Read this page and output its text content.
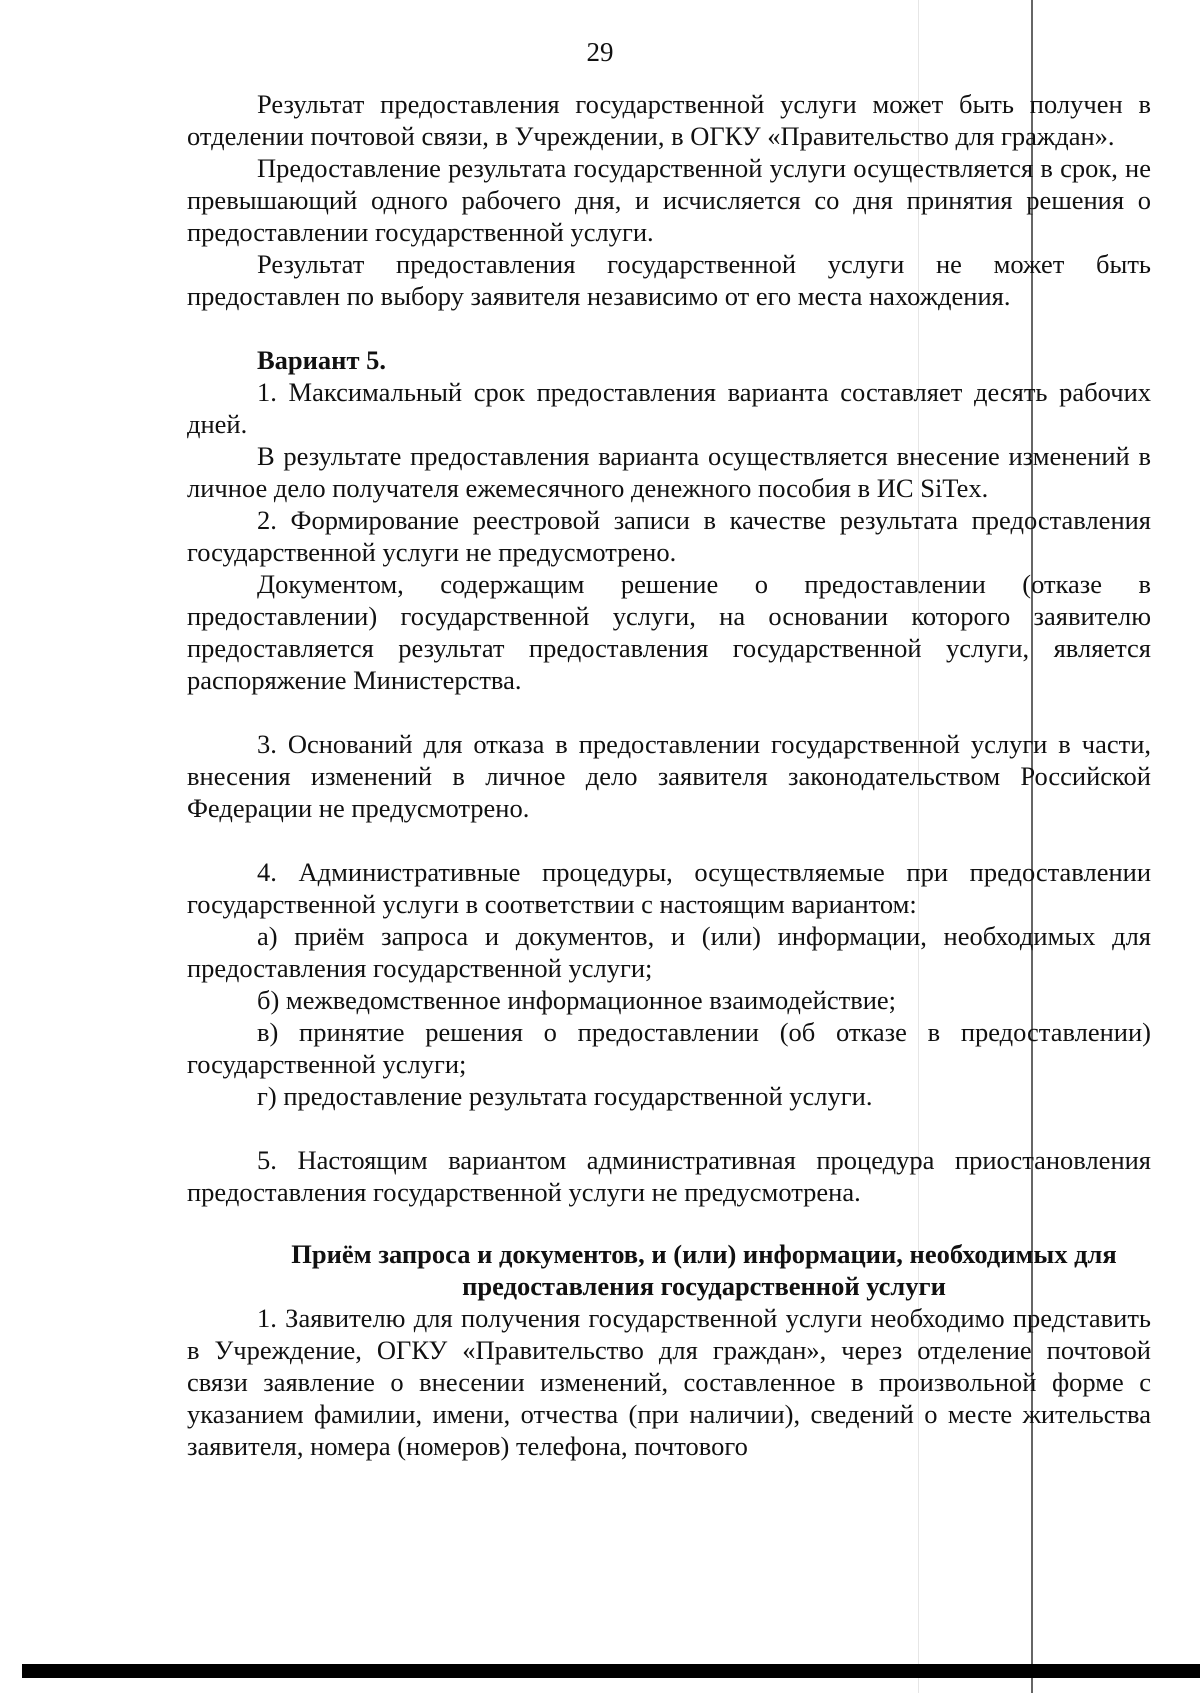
29

Результат предоставления государственной услуги может быть получен в отделении почтовой связи, в Учреждении, в ОГКУ «Правительство для граждан».

Предоставление результата государственной услуги осуществляется в срок, не превышающий одного рабочего дня, и исчисляется со дня принятия решения о предоставлении государственной услуги.

Результат предоставления государственной услуги не может быть предоставлен по выбору заявителя независимо от его места нахождения.

Вариант 5.

1. Максимальный срок предоставления варианта составляет десять рабочих дней.

В результате предоставления варианта осуществляется внесение изменений в личное дело получателя ежемесячного денежного пособия в ИС SiTex.

2. Формирование реестровой записи в качестве результата предоставления государственной услуги не предусмотрено.

Документом, содержащим решение о предоставлении (отказе в предоставлении) государственной услуги, на основании которого заявителю предоставляется результат предоставления государственной услуги, является распоряжение Министерства.

3. Оснований для отказа в предоставлении государственной услуги в части, внесения изменений в личное дело заявителя законодательством Российской Федерации не предусмотрено.

4. Административные процедуры, осуществляемые при предоставлении государственной услуги в соответствии с настоящим вариантом:

а) приём запроса и документов, и (или) информации, необходимых для предоставления государственной услуги;

б) межведомственное информационное взаимодействие;

в) принятие решения о предоставлении (об отказе в предоставлении) государственной услуги;

г) предоставление результата государственной услуги.

5. Настоящим вариантом административная процедура приостановления предоставления государственной услуги не предусмотрена.

Приём запроса и документов, и (или) информации, необходимых для предоставления государственной услуги

1. Заявителю для получения государственной услуги необходимо представить в Учреждение, ОГКУ «Правительство для граждан», через отделение почтовой связи заявление о внесении изменений, составленное в произвольной форме с указанием фамилии, имени, отчества (при наличии), сведений о месте жительства заявителя, номера (номеров) телефона, почтового
